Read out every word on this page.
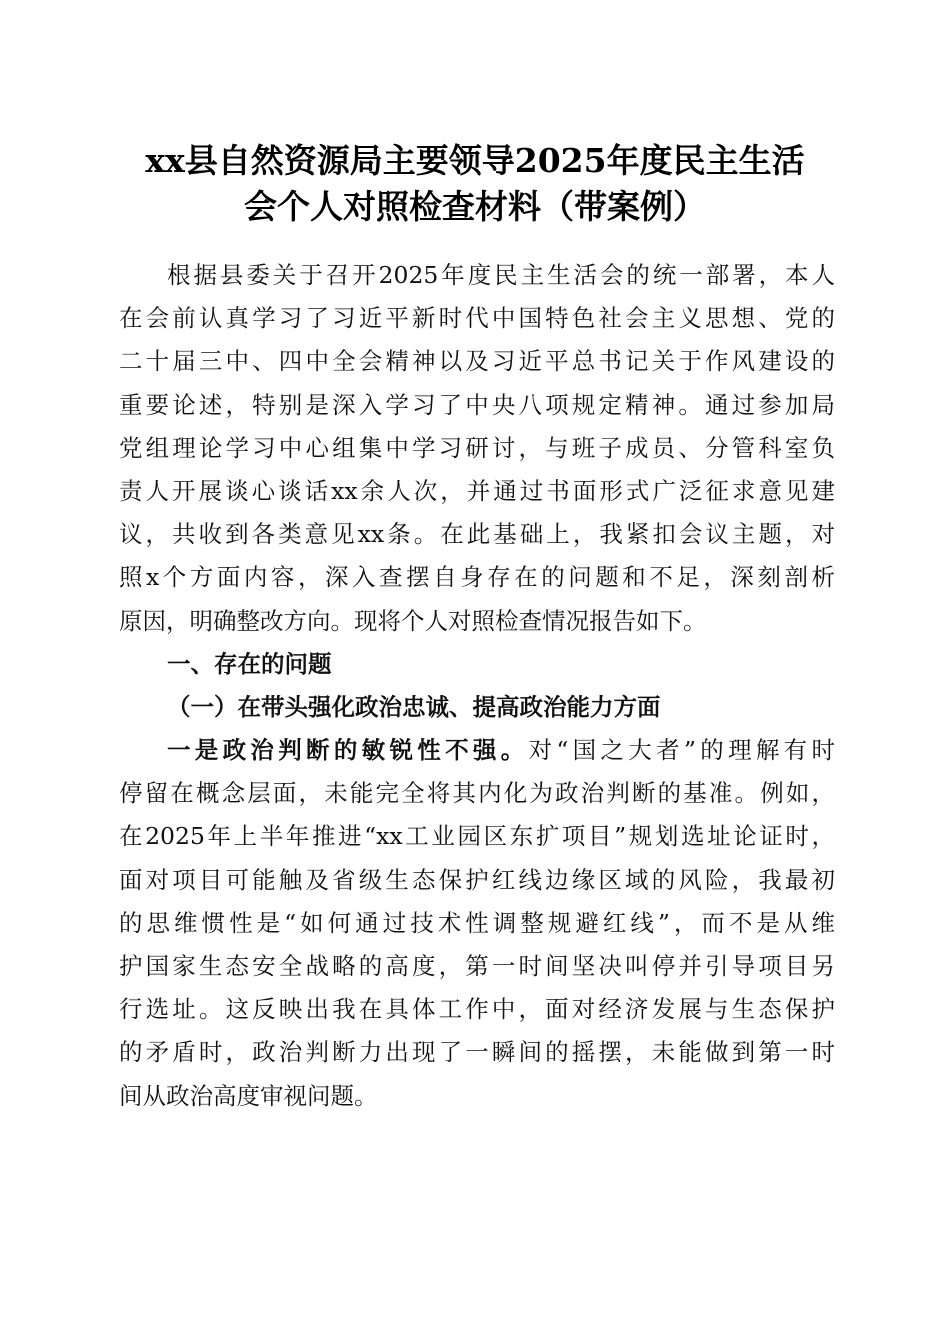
xx县自然资源局主要领导2025年度民主生活
会个人对照检查材料（带案例）
根据县委关于召开2025年度民主生活会的统一部署，本人
在会前认真学习了习近平新时代中国特色社会主义思想、党的
二十届三中、四中全会精神以及习近平总书记关于作风建设的
重要论述，特别是深入学习了中央八项规定精神。通过参加局
党组理论学习中心组集中学习研讨，与班子成员、分管科室负
责人开展谈心谈话xx余人次，并通过书面形式广泛征求意见建
议，共收到各类意见xx条。在此基础上，我紧扣会议主题，对
照x个方面内容，深入查摆自身存在的问题和不足，深刻剖析
原因，明确整改方向。现将个人对照检查情况报告如下。
一、存在的问题
（一）在带头强化政治忠诚、提高政治能力方面
一是政治判断的敏锐性不强。对“国之大者”的理解有时
停留在概念层面，未能完全将其内化为政治判断的基准。例如，
在2025年上半年推进“xx工业园区东扩项目”规划选址论证时，
面对项目可能触及省级生态保护红线边缘区域的风险，我最初
的思维惯性是“如何通过技术性调整规避红线”，而不是从维
护国家生态安全战略的高度，第一时间坚决叫停并引导项目另
行选址。这反映出我在具体工作中，面对经济发展与生态保护
的矛盾时，政治判断力出现了一瞬间的摇摆，未能做到第一时
间从政治高度审视问题。
